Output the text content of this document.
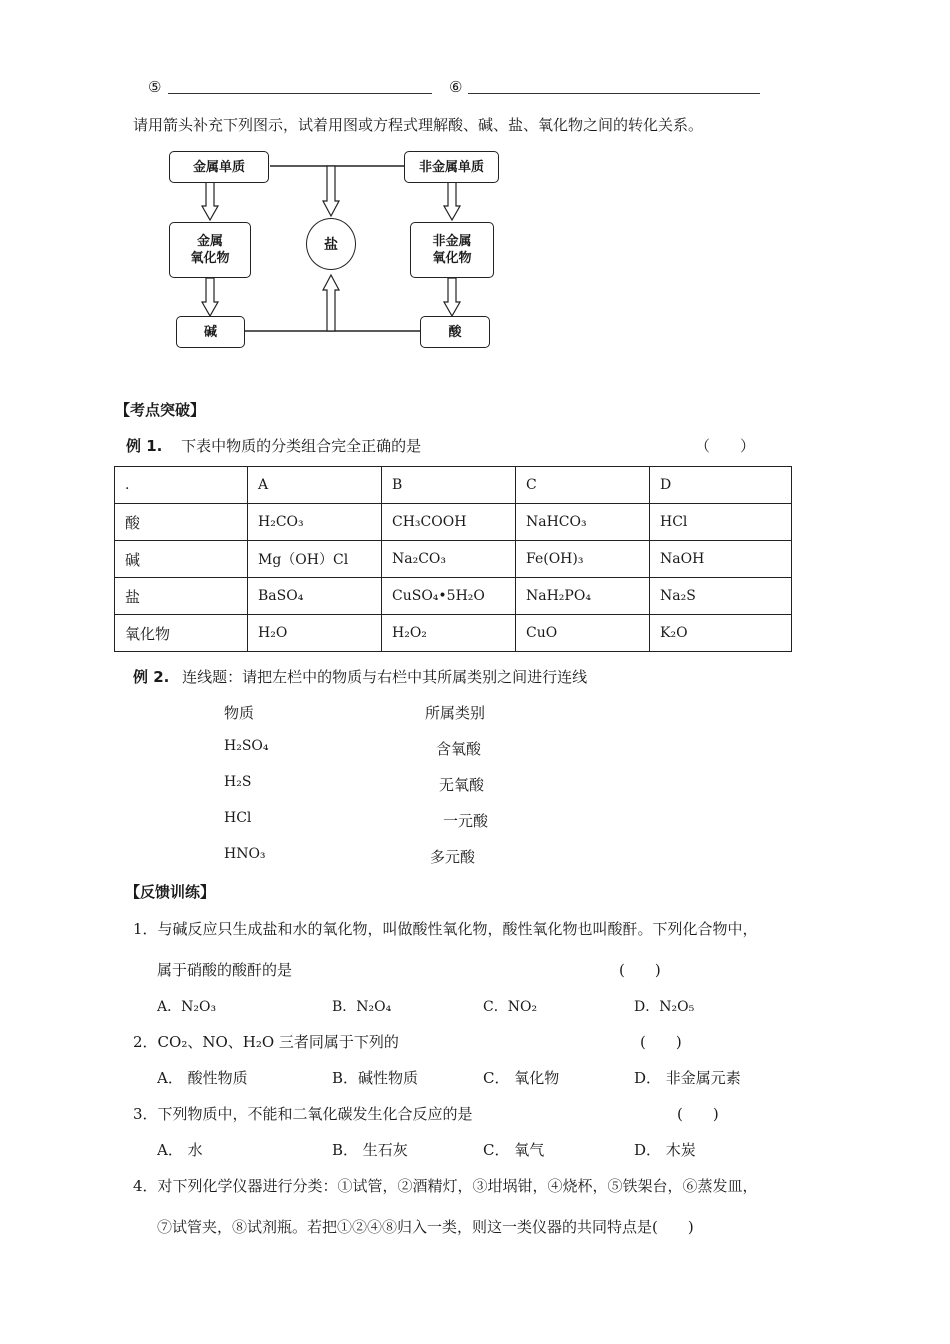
⑤	⑥
请用箭头补充下列图示，试着用图或方程式理解酸、碱、盐、氧化物之间的转化关系。
金属单质	非金属单质
金属
氧化物
盐	非金属
氧化物
碱	酸
【考点突破】
例 1. 下表中物质的分类组合完全正确的是	（　　）
.	A	B	C	D
酸	H₂CO₃	CH₃COOH	NaHCO₃	HCl
碱	Mg（OH）Cl	Na₂CO₃	Fe(OH)₃	NaOH
盐	BaSO₄	CuSO₄•5H₂O	NaH₂PO₄	Na₂S
氧化物	H₂O	H₂O₂	CuO	K₂O
例 2. 连线题：请把左栏中的物质与右栏中其所属类别之间进行连线
物质	所属类别
H₂SO₄
H₂S
HCl
HNO₃
含氧酸
无氧酸
一元酸
多元酸
【反馈训练】
1．与碱反应只生成盐和水的氧化物，叫做酸性氧化物，酸性氧化物也叫酸酐。下列化合物中，
属于硝酸的酸酐的是	(　　)
A．N₂O₃	B．N₂O₄	C．NO₂	D．N₂O₅
2．CO₂、NO、H₂O 三者同属于下列的	(　　)
A． 酸性物质	B．碱性物质	C． 氧化物	D． 非金属元素
3．下列物质中，不能和二氧化碳发生化合反应的是	(　　)
A． 水	B． 生石灰	C． 氧气	D． 木炭
4．对下列化学仪器进行分类：①试管，②酒精灯，③坩埚钳，④烧杯，⑤铁架台，⑥蒸发皿，
⑦试管夹，⑧试剂瓶。若把①②④⑧归入一类，则这一类仪器的共同特点是(　　)
